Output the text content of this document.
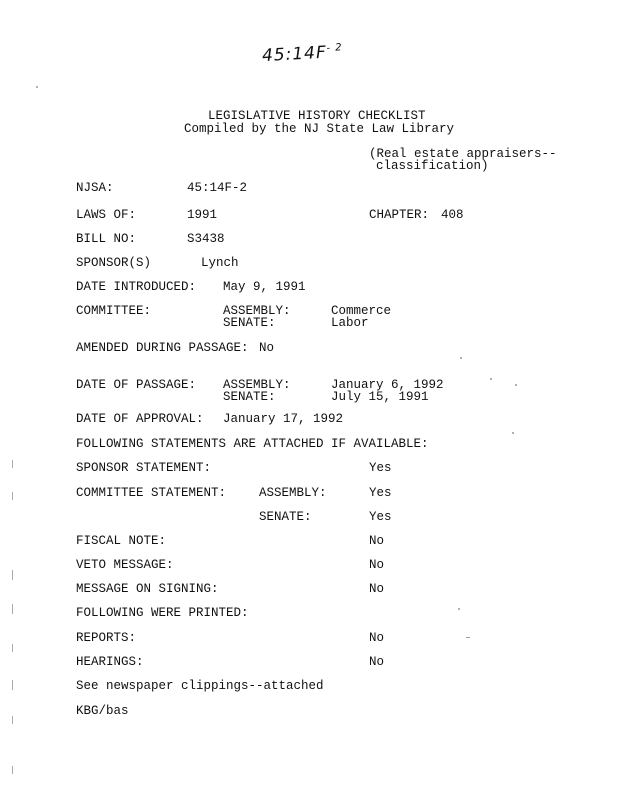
$45:14F^{- 2}$
LEGISLATIVE HISTORY CHECKLIST
Compiled by the NJ State Law Library
(Real estate appraisers--
classification)
NJSA:	45:14F-2
LAWS OF:	1991	CHAPTER: 408
BILL NO:	S3438
SPONSOR(S)	Lynch
DATE INTRODUCED: May 9, 1991
COMMITTEE:	ASSEMBLY:	Commerce
SENATE:	Labor
AMENDED DURING PASSAGE: No
DATE OF PASSAGE: ASSEMBLY:	January 6, 1992
SENATE:	July 15, 1991
DATE OF APPROVAL: January 17, 1992
FOLLOWING STATEMENTS ARE ATTACHED IF AVAILABLE:
SPONSOR STATEMENT:	Yes
COMMITTEE STATEMENT:	ASSEMBLY:	Yes
SENATE:	Yes
FISCAL NOTE:	No
VETO MESSAGE:	No
MESSAGE ON SIGNING:	No
FOLLOWING WERE PRINTED:
REPORTS:	No
HEARINGS:	No
See newspaper clippings--attached
KBG/bas
